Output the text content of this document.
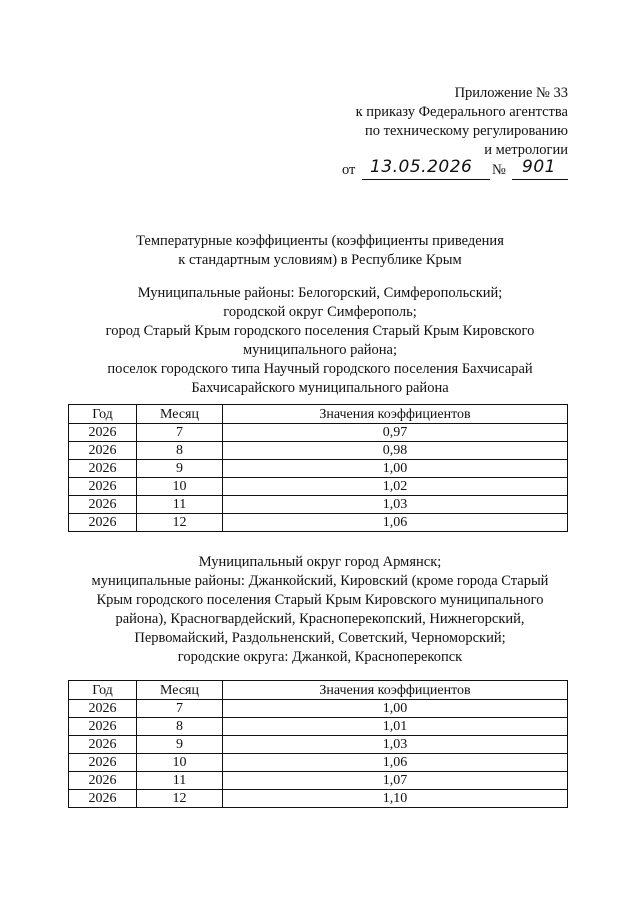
Приложение № 33
к приказу Федерального агентства
по техническому регулированию
и метрологии
от 13.05.2026 № 901
Температурные коэффициенты (коэффициенты приведения
к стандартным условиям) в Республике Крым
Муниципальные районы: Белогорский, Симферопольский;
городской округ Симферополь;
город Старый Крым городского поселения Старый Крым Кировского
муниципального района;
поселок городского типа Научный городского поселения Бахчисарай
Бахчисарайского муниципального района
Год	Месяц	Значения коэффициентов
2026	7	0,97
2026	8	0,98
2026	9	1,00
2026	10	1,02
2026	11	1,03
2026	12	1,06
Муниципальный округ город Армянск;
муниципальные районы: Джанкойский, Кировский (кроме города Старый
Крым городского поселения Старый Крым Кировского муниципального
района), Красногвардейский, Красноперекопский, Нижнегорский,
Первомайский, Раздольненский, Советский, Черноморский;
городские округа: Джанкой, Красноперекопск
Год	Месяц	Значения коэффициентов
2026	7	1,00
2026	8	1,01
2026	9	1,03
2026	10	1,06
2026	11	1,07
2026	12	1,10
